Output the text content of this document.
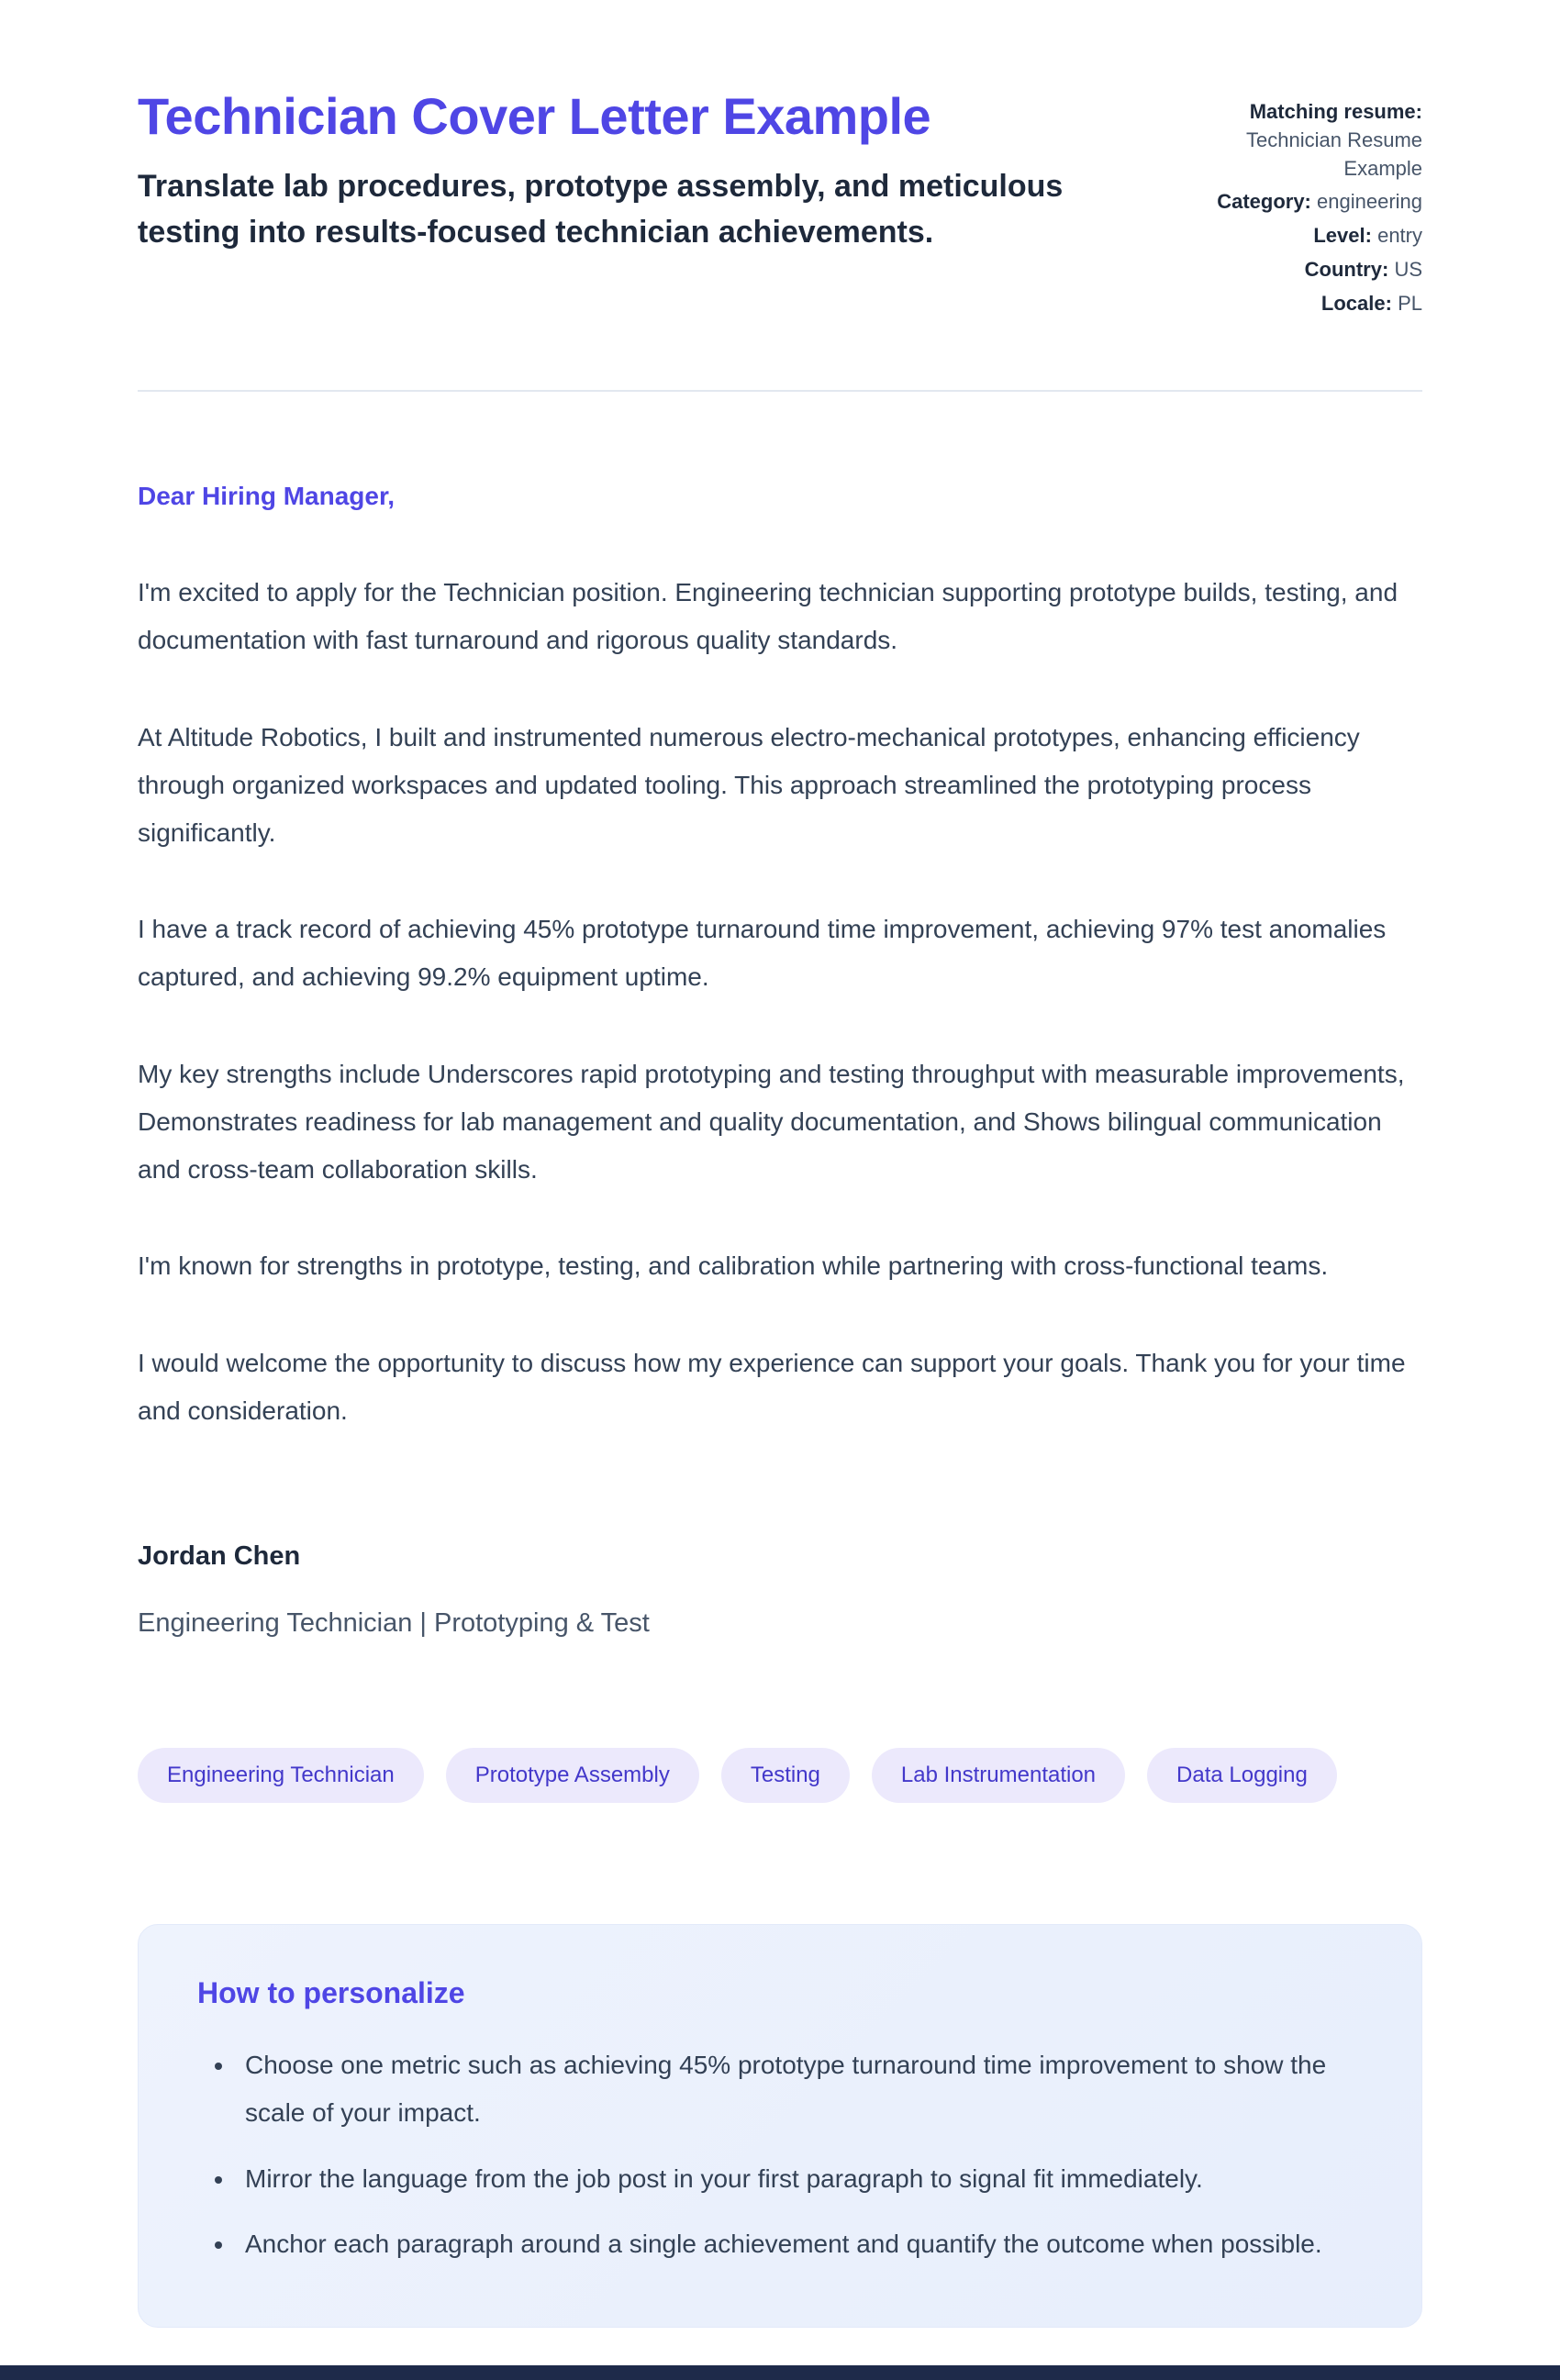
Technician Cover Letter Example

Translate lab procedures, prototype assembly, and meticulous testing into results-focused technician achievements.

Matching resume: Technician Resume Example
Category: engineering
Level: entry
Country: US
Locale: PL

Dear Hiring Manager,

I'm excited to apply for the Technician position. Engineering technician supporting prototype builds, testing, and documentation with fast turnaround and rigorous quality standards.

At Altitude Robotics, I built and instrumented numerous electro-mechanical prototypes, enhancing efficiency through organized workspaces and updated tooling. This approach streamlined the prototyping process significantly.

I have a track record of achieving 45% prototype turnaround time improvement, achieving 97% test anomalies captured, and achieving 99.2% equipment uptime.

My key strengths include Underscores rapid prototyping and testing throughput with measurable improvements, Demonstrates readiness for lab management and quality documentation, and Shows bilingual communication and cross-team collaboration skills.

I'm known for strengths in prototype, testing, and calibration while partnering with cross-functional teams.

I would welcome the opportunity to discuss how my experience can support your goals. Thank you for your time and consideration.

Jordan Chen

Engineering Technician | Prototyping & Test

Engineering Technician	Prototype Assembly	Testing	Lab Instrumentation	Data Logging
How to personalize
• Choose one metric such as achieving 45% prototype turnaround time improvement to show the scale of your impact.
• Mirror the language from the job post in your first paragraph to signal fit immediately.
• Anchor each paragraph around a single achievement and quantify the outcome when possible.
